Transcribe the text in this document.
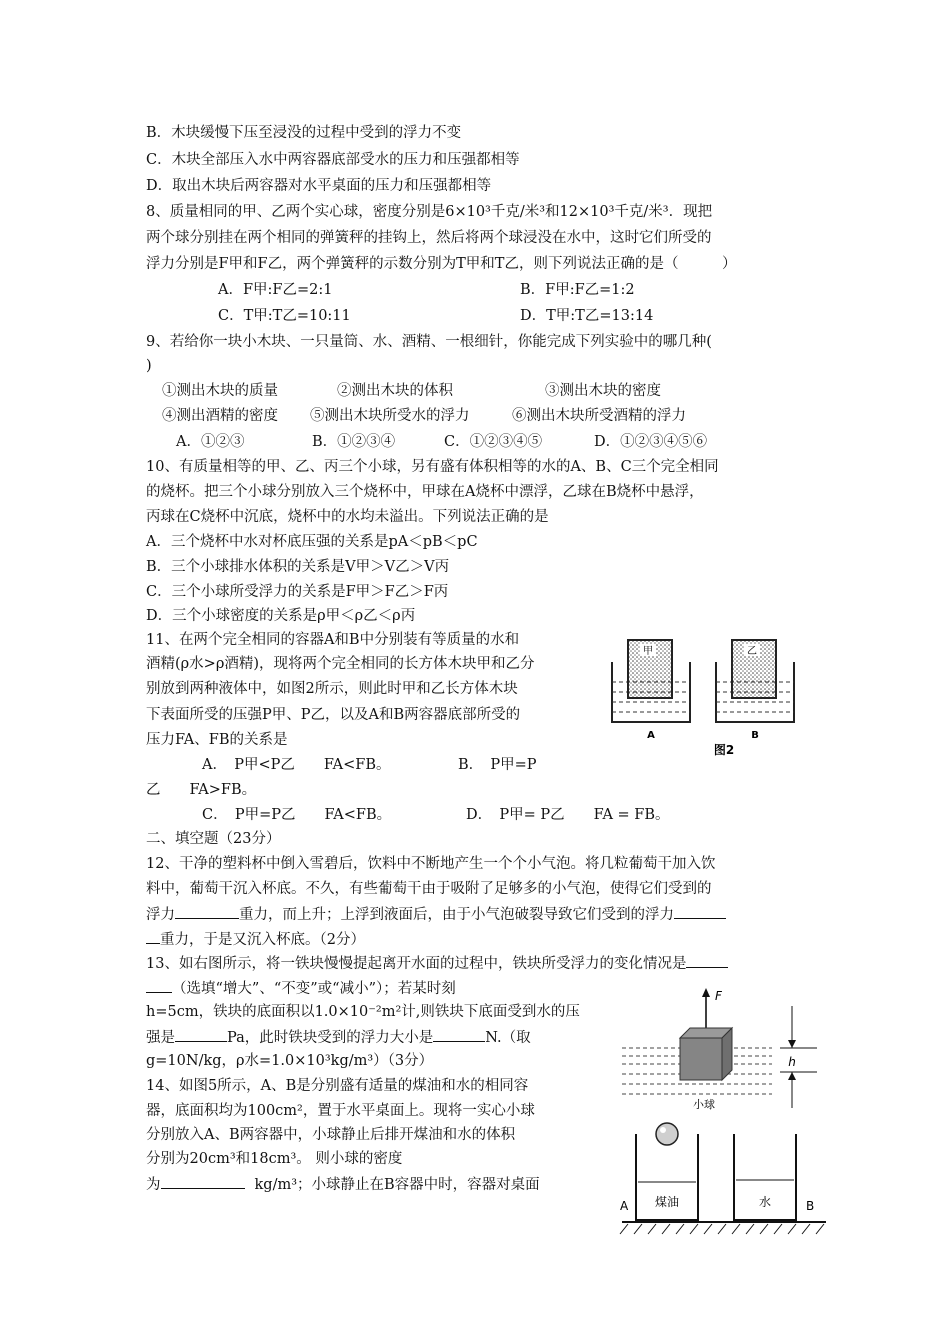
B．木块缓慢下压至浸没的过程中受到的浮力不变
C．木块全部压入水中两容器底部受水的压力和压强都相等
D．取出木块后两容器对水平桌面的压力和压强都相等
8、质量相同的甲、乙两个实心球，密度分别是6×10³千克/米³和12×10³千克/米³．现把
两个球分别挂在两个相同的弹簧秤的挂钩上，然后将两个球浸没在水中，这时它们所受的
浮力分别是F甲和F乙，两个弹簧秤的示数分别为T甲和T乙，则下列说法正确的是（　　　）
A．F甲:F乙=2:1	B．F甲:F乙=1:2
C．T甲:T乙=10:11	D．T甲:T乙=13:14
9、若给你一块小木块、一只量筒、水、酒精、一根细针，你能完成下列实验中的哪几种(
)
①测出木块的质量	②测出木块的体积	③测出木块的密度
④测出酒精的密度 ⑤测出木块所受水的浮力	⑥测出木块所受酒精的浮力
A．①②③	B．①②③④	C．①②③④⑤	D．①②③④⑤⑥
10、有质量相等的甲、乙、丙三个小球，另有盛有体积相等的水的A、B、C三个完全相同
的烧杯。把三个小球分别放入三个烧杯中，甲球在A烧杯中漂浮，乙球在B烧杯中悬浮，
丙球在C烧杯中沉底，烧杯中的水均未溢出。下列说法正确的是
A．三个烧杯中水对杯底压强的关系是pA＜pB＜pC
B．三个小球排水体积的关系是V甲＞V乙＞V丙
C．三个小球所受浮力的关系是F甲＞F乙＞F丙
D．三个小球密度的关系是ρ甲＜ρ乙＜ρ丙
11、在两个完全相同的容器A和B中分别装有等质量的水和
酒精(ρ水>ρ酒精)，现将两个完全相同的长方体木块甲和乙分
别放到两种液体中，如图2所示，则此时甲和乙长方体木块
下表面所受的压强P甲、P乙，以及A和B两容器底部所受的
压力FA、FB的关系是
A．　P甲<P乙　　FA<FB。	B．　P甲=P
乙　　FA>FB。
C．　P甲=P乙　　FA<FB。	D．　P甲= P乙　　FA = FB。
甲
A
乙
B
图2
二、填空题（23分）
12、干净的塑料杯中倒入雪碧后，饮料中不断地产生一个个小气泡。将几粒葡萄干加入饮
料中，葡萄干沉入杯底。不久，有些葡萄干由于吸附了足够多的小气泡，使得它们受到的
浮力	重力，而上升；上浮到液面后，由于小气泡破裂导致它们受到的浮力
重力，于是又沉入杯底。（2分）
13、如右图所示，将一铁块慢慢提起离开水面的过程中，铁块所受浮力的变化情况是
（选填“增大”、“不变”或“减小”）；若某时刻
h=5cm，铁块的底面积以1.0×10⁻²m²计,则铁块下底面受到水的压
强是	Pa，此时铁块受到的浮力大小是	N.（取
g=10N/kg，ρ水=1.0×10³kg/m³）（3分）
14、如图5所示，A、B是分别盛有适量的煤油和水的相同容
器，底面积均为100cm²，置于水平桌面上。现将一实心小球
分别放入A、B两容器中，小球静止后排开煤油和水的体积
分别为20cm³和18cm³。 则小球的密度
为	kg/m³；小球静止在B容器中时，容器对桌面
F
h
小球
煤油
A	水	B
